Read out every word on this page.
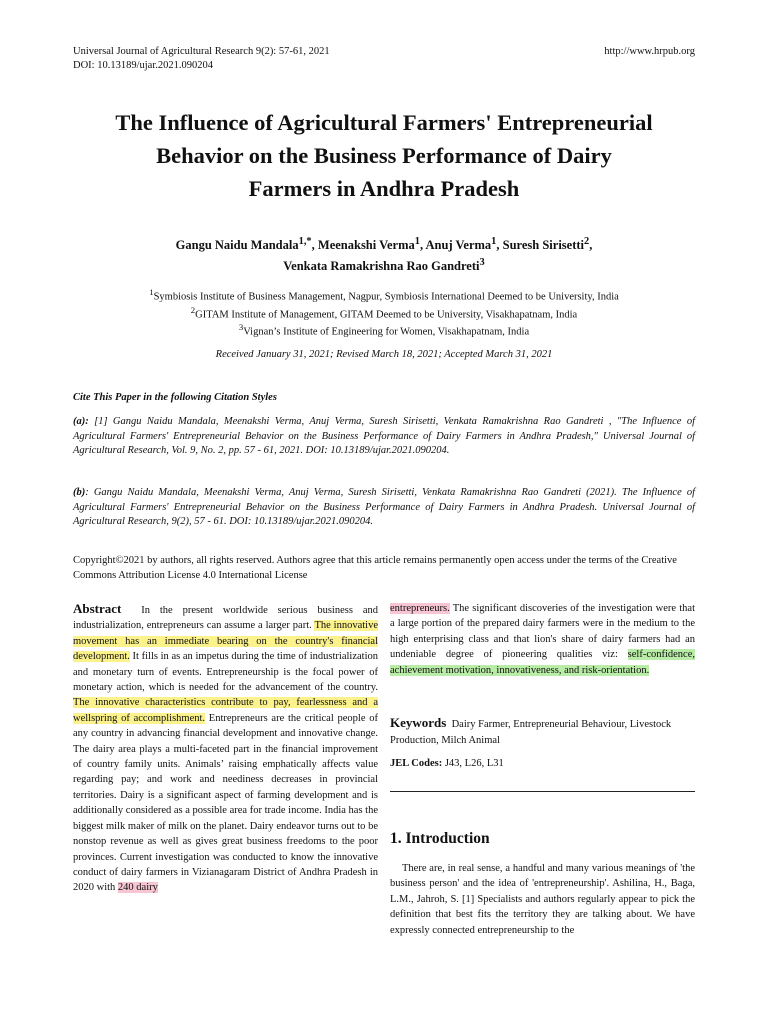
Universal Journal of Agricultural Research 9(2): 57-61, 2021
DOI: 10.13189/ujar.2021.090204
http://www.hrpub.org
The Influence of Agricultural Farmers' Entrepreneurial
Behavior on the Business Performance of Dairy
Farmers in Andhra Pradesh
Gangu Naidu Mandala$^{1,*}$, Meenakshi Verma$^1$, Anuj Verma$^1$, Suresh Sirisetti$^2$,
Venkata Ramakrishna Rao Gandreti$^3$
$^1$Symbiosis Institute of Business Management, Nagpur, Symbiosis International Deemed to be University, India
$^2$GITAM Institute of Management, GITAM Deemed to be University, Visakhapatnam, India
$^3$Vignan’s Institute of Engineering for Women, Visakhapatnam, India
Received January 31, 2021; Revised March 18, 2021; Accepted March 31, 2021
Cite This Paper in the following Citation Styles
(a): [1] Gangu Naidu Mandala, Meenakshi Verma, Anuj Verma, Suresh Sirisetti, Venkata Ramakrishna Rao Gandreti , "The Influence of Agricultural Farmers' Entrepreneurial Behavior on the Business Performance of Dairy Farmers in Andhra Pradesh," Universal Journal of Agricultural Research, Vol. 9, No. 2, pp. 57 - 61, 2021. DOI: 10.13189/ujar.2021.090204.
(b): Gangu Naidu Mandala, Meenakshi Verma, Anuj Verma, Suresh Sirisetti, Venkata Ramakrishna Rao Gandreti (2021). The Influence of Agricultural Farmers' Entrepreneurial Behavior on the Business Performance of Dairy Farmers in Andhra Pradesh. Universal Journal of Agricultural Research, 9(2), 57 - 61. DOI: 10.13189/ujar.2021.090204.
Copyright©2021 by authors, all rights reserved. Authors agree that this article remains permanently open access under the terms of the Creative Commons Attribution License 4.0 International License
Abstract In the present worldwide serious business and industrialization, entrepreneurs can assume a larger part. The innovative movement has an immediate bearing on the country's financial development. It fills in as an impetus during the time of industrialization and monetary turn of events. Entrepreneurship is the focal power of monetary action, which is needed for the advancement of the country. The innovative characteristics contribute to pay, fearlessness and a wellspring of accomplishment. Entrepreneurs are the critical people of any country in advancing financial development and innovative change. The dairy area plays a multi-faceted part in the financial improvement of country family units. Animals’ raising emphatically affects value regarding pay; and work and neediness decreases in provincial territories. Dairy is a significant aspect of farming development and is additionally considered as a possible area for trade income. India has the biggest milk maker of milk on the planet. Dairy endeavor turns out to be nonstop revenue as well as gives great business freedoms to the poor provinces. Current investigation was conducted to know the innovative conduct of dairy farmers in Vizianagaram District of Andhra Pradesh in 2020 with 240 dairy
entrepreneurs. The significant discoveries of the investigation were that a large portion of the prepared dairy farmers were in the medium to the high enterprising class and that lion's share of dairy farmers had an undeniable degree of pioneering qualities viz: self-confidence, achievement motivation, innovativeness, and risk-orientation.
Keywords Dairy Farmer, Entrepreneurial Behaviour, Livestock Production, Milch Animal
JEL Codes: J43, L26, L31
1. Introduction
There are, in real sense, a handful and many various meanings of 'the business person' and the idea of 'entrepreneurship'. Ashilina, H., Baga, L.M., Jahroh, S. [1] Specialists and authors regularly appear to pick the definition that best fits the territory they are talking about. We have expressly connected entrepreneurship to the
